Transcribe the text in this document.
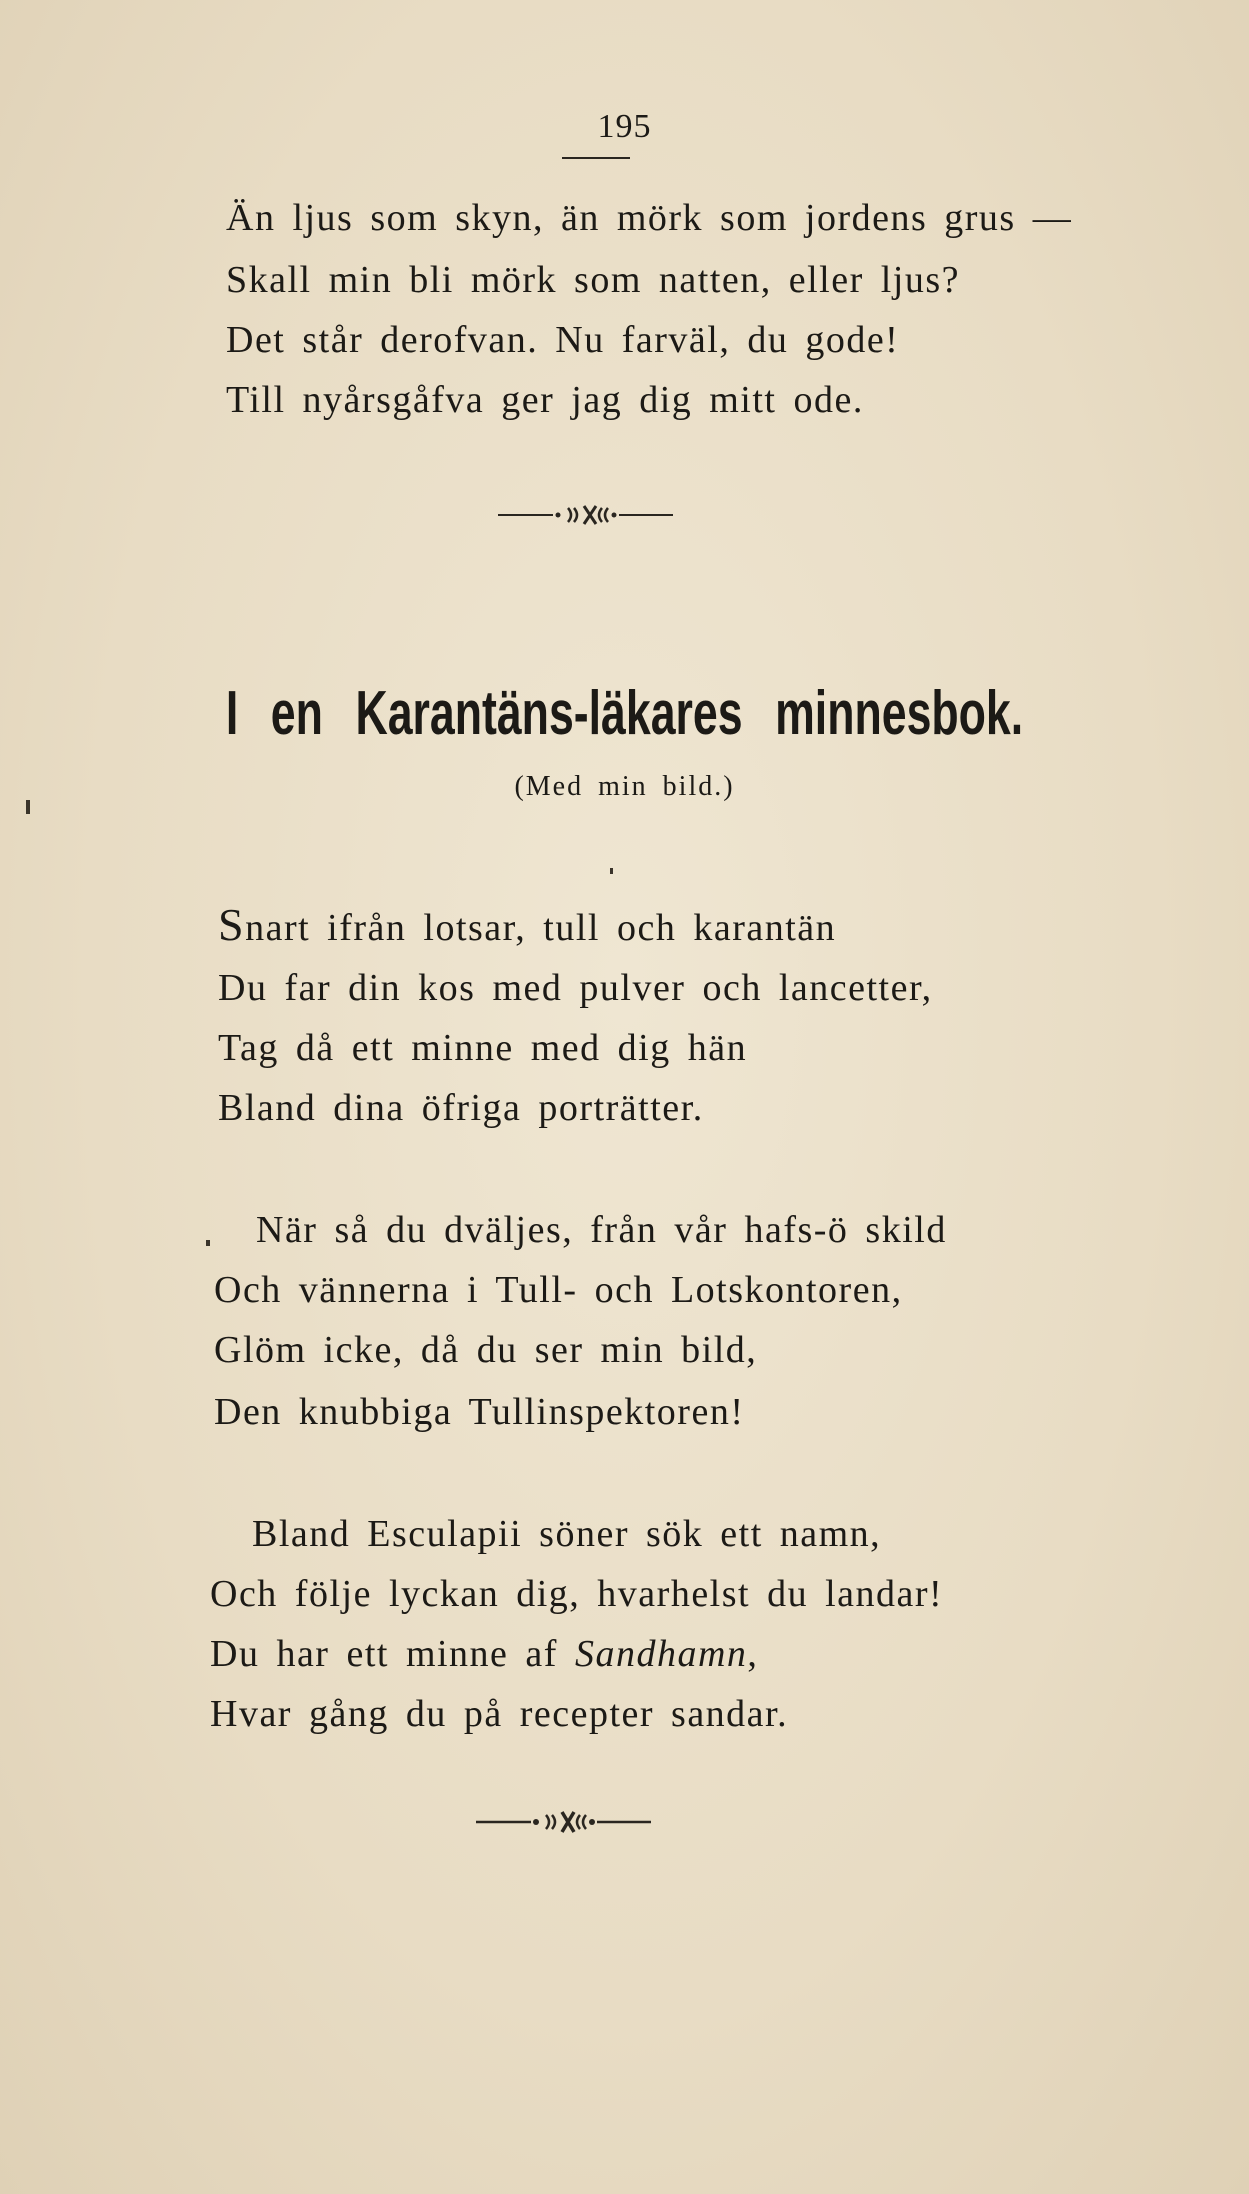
195
Än ljus som skyn, än mörk som jordens grus —
Skall min bli mörk som natten, eller ljus?
Det står derofvan. Nu farväl, du gode!
Till nyårsgåfva ger jag dig mitt ode.
I en Karantäns-läkares minnesbok.
(Med min bild.)
Snart ifrån lotsar, tull och karantän
Du far din kos med pulver och lancetter,
Tag då ett minne med dig hän
Bland dina öfriga porträtter.
När så du dväljes, från vår hafs-ö skild
Och vännerna i Tull- och Lotskontoren,
Glöm icke, då du ser min bild,
Den knubbiga Tullinspektoren!
Bland Esculapii söner sök ett namn,
Och följe lyckan dig, hvarhelst du landar!
Du har ett minne af Sandhamn,
Hvar gång du på recepter sandar.
